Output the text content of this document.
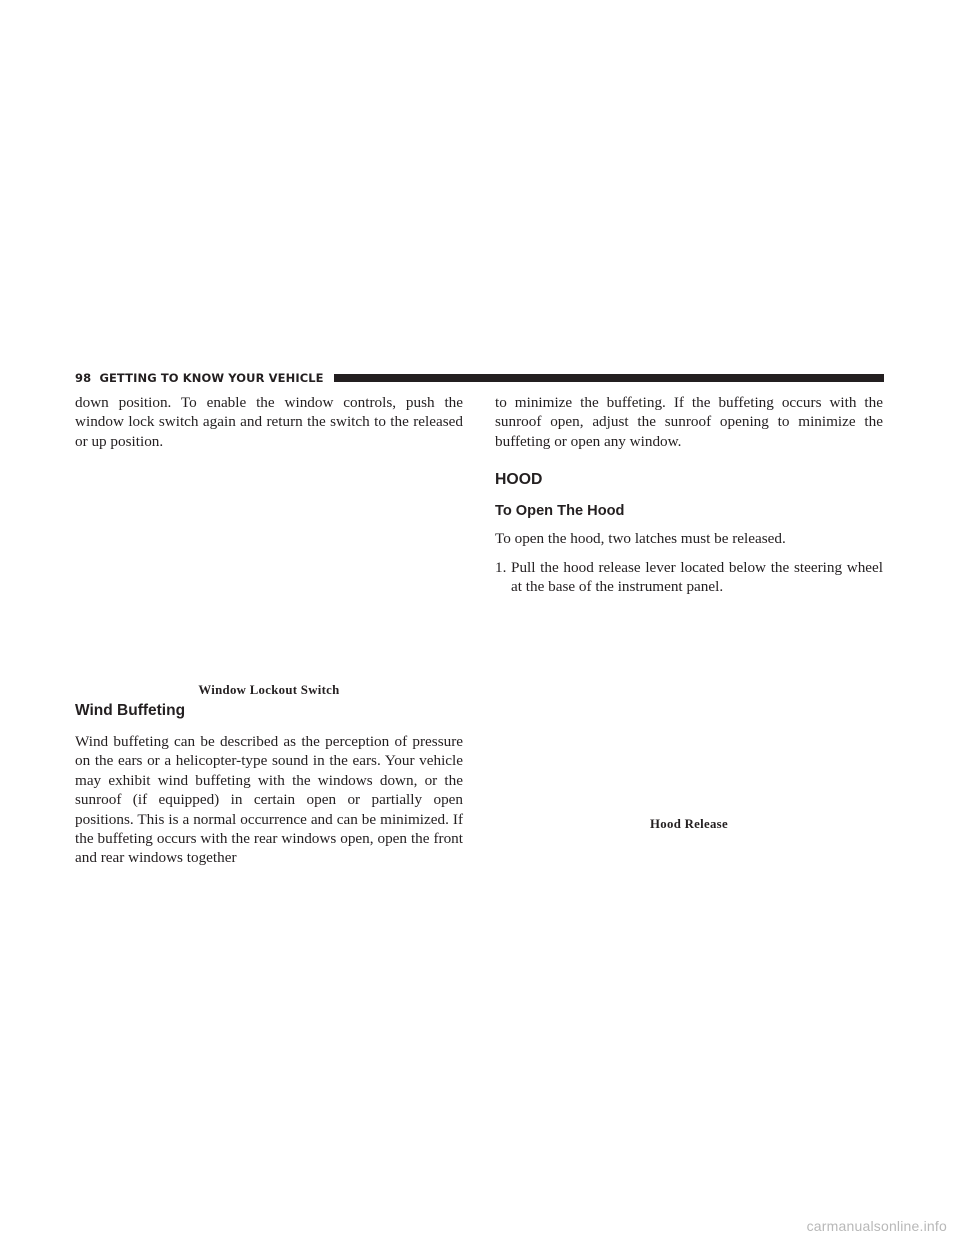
98 GETTING TO KNOW YOUR VEHICLE

down position. To enable the window controls, push the window lock switch again and return the switch to the released or up position.

Window Lockout Switch
Wind Buffeting

Wind buffeting can be described as the perception of pressure on the ears or a helicopter-type sound in the ears. Your vehicle may exhibit wind buffeting with the windows down, or the sunroof (if equipped) in certain open or partially open positions. This is a normal occurrence and can be minimized. If the buffeting occurs with the rear windows open, open the front and rear windows together

to minimize the buffeting. If the buffeting occurs with the sunroof open, adjust the sunroof opening to minimize the buffeting or open any window.

HOOD
To Open The Hood

To open the hood, two latches must be released.

1. Pull the hood release lever located below the steering wheel at the base of the instrument panel.
Hood Release
carmanualsonline.info
